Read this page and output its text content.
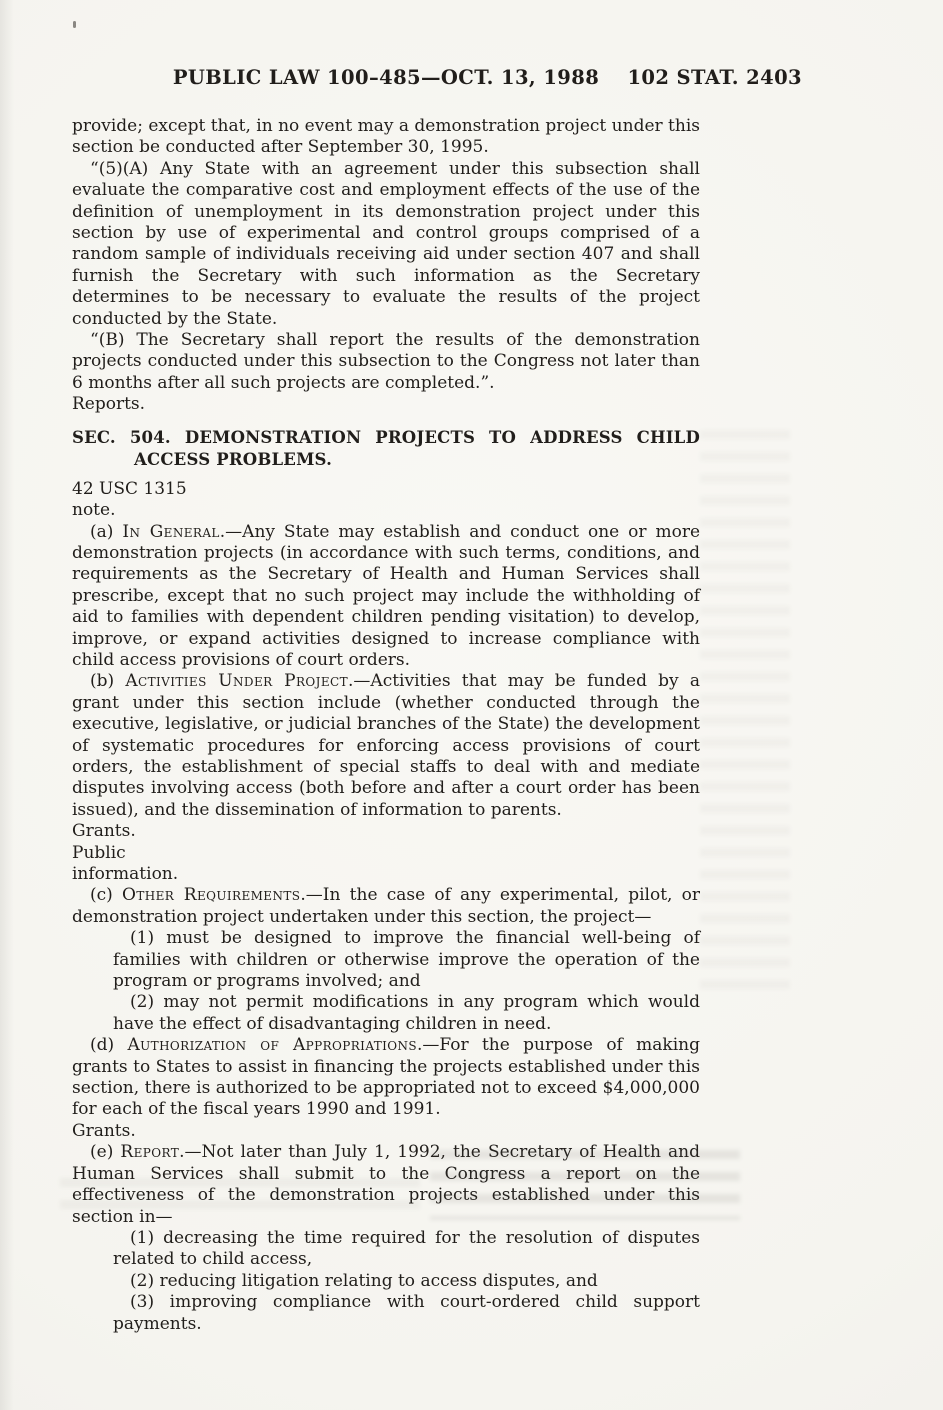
PUBLIC LAW 100–485—OCT. 13, 1988	102 STAT. 2403

provide; except that, in no event may a demonstration project under this section be conducted after September 30, 1995.

“(5)(A) Any State with an agreement under this subsection shall evaluate the comparative cost and employment effects of the use of the definition of unemployment in its demonstration project under this section by use of experimental and control groups comprised of a random sample of individuals receiving aid under section 407 and shall furnish the Secretary with such information as the Secretary determines to be necessary to evaluate the results of the project conducted by the State.

“(B) The Secretary shall report the results of the demonstration projects conducted under this subsection to the Congress not later than 6 months after all such projects are completed.”.

Reports.

SEC. 504. DEMONSTRATION PROJECTS TO ADDRESS CHILD ACCESS PROBLEMS.

42 USC 1315
note.

(a) In General.—Any State may establish and conduct one or more demonstration projects (in accordance with such terms, conditions, and requirements as the Secretary of Health and Human Services shall prescribe, except that no such project may include the withholding of aid to families with dependent children pending visitation) to develop, improve, or expand activities designed to increase compliance with child access provisions of court orders.

(b) Activities Under Project.—Activities that may be funded by a grant under this section include (whether conducted through the executive, legislative, or judicial branches of the State) the development of systematic procedures for enforcing access provisions of court orders, the establishment of special staffs to deal with and mediate disputes involving access (both before and after a court order has been issued), and the dissemination of information to parents.

Grants.
Public
information.

(c) Other Requirements.—In the case of any experimental, pilot, or demonstration project undertaken under this section, the project—

(1) must be designed to improve the financial well-being of families with children or otherwise improve the operation of the program or programs involved; and

(2) may not permit modifications in any program which would have the effect of disadvantaging children in need.

(d) Authorization of Appropriations.—For the purpose of making grants to States to assist in financing the projects established under this section, there is authorized to be appropriated not to exceed $4,000,000 for each of the fiscal years 1990 and 1991.

Grants.

(e) Report.—Not later than July 1, 1992, the Secretary of Health and Human Services shall submit to the Congress a report on the effectiveness of the demonstration projects established under this section in—

(1) decreasing the time required for the resolution of disputes related to child access,

(2) reducing litigation relating to access disputes, and

(3) improving compliance with court-ordered child support payments.
